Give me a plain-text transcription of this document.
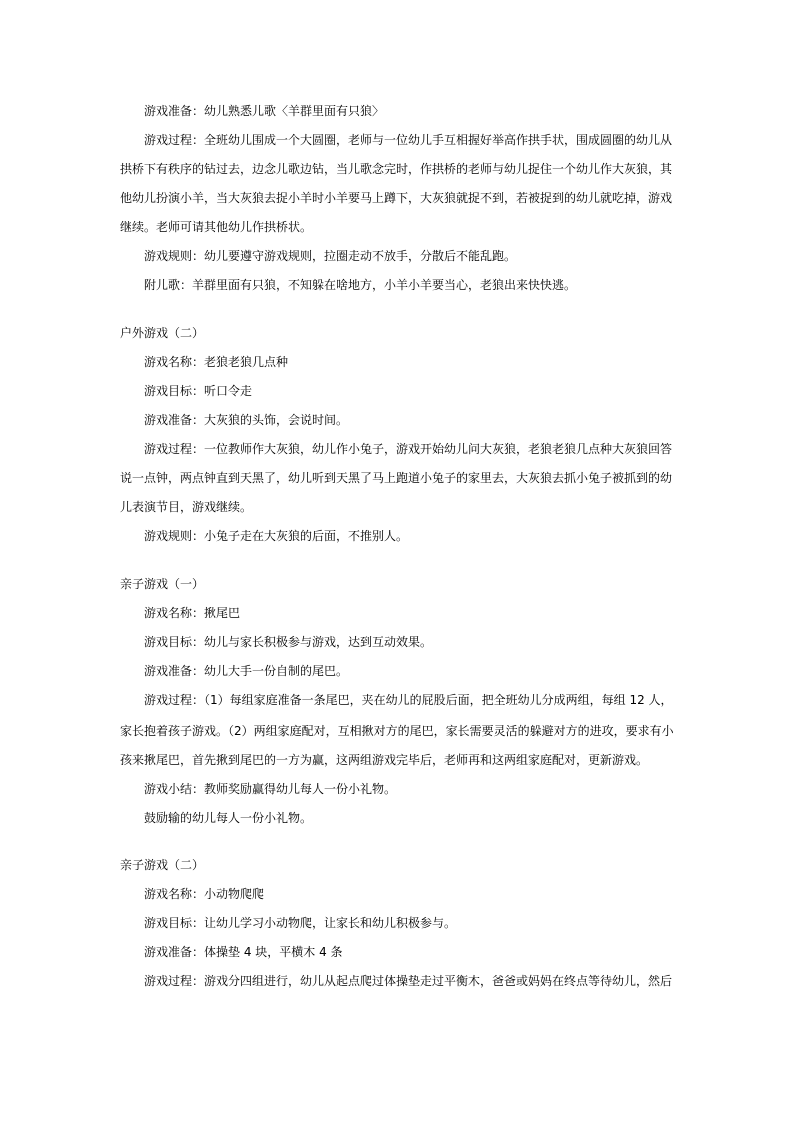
游戏准备：幼儿熟悉儿歌〈羊群里面有只狼〉
游戏过程：全班幼儿围成一个大圆圈，老师与一位幼儿手互相握好举高作拱手状，围成圆圈的幼儿从
拱桥下有秩序的钻过去，边念儿歌边钻，当儿歌念完时，作拱桥的老师与幼儿捉住一个幼儿作大灰狼，其
他幼儿扮演小羊，当大灰狼去捉小羊时小羊要马上蹲下，大灰狼就捉不到，若被捉到的幼儿就吃掉，游戏
继续。老师可请其他幼儿作拱桥状。
游戏规则：幼儿要遵守游戏规则，拉圈走动不放手，分散后不能乱跑。
附儿歌：羊群里面有只狼，不知躲在啥地方，小羊小羊要当心，老狼出来快快逃。
户外游戏（二）
游戏名称：老狼老狼几点种
游戏目标：听口令走
游戏准备：大灰狼的头饰，会说时间。
游戏过程：一位教师作大灰狼，幼儿作小兔子，游戏开始幼儿问大灰狼，老狼老狼几点种大灰狼回答
说一点钟，两点钟直到天黑了，幼儿听到天黑了马上跑道小兔子的家里去，大灰狼去抓小兔子被抓到的幼
儿表演节目，游戏继续。
游戏规则：小兔子走在大灰狼的后面，不推别人。
亲子游戏（一）
游戏名称：揪尾巴
游戏目标：幼儿与家长积极参与游戏，达到互动效果。
游戏准备：幼儿大手一份自制的尾巴。
游戏过程：（1）每组家庭准备一条尾巴，夹在幼儿的屁股后面，把全班幼儿分成两组，每组 12 人，
家长抱着孩子游戏。（2）两组家庭配对，互相揪对方的尾巴，家长需要灵活的躲避对方的进攻，要求有小
孩来揪尾巴，首先揪到尾巴的一方为赢，这两组游戏完毕后，老师再和这两组家庭配对，更新游戏。
游戏小结：教师奖励赢得幼儿每人一份小礼物。
鼓励输的幼儿每人一份小礼物。
亲子游戏（二）
游戏名称：小动物爬爬
游戏目标：让幼儿学习小动物爬，让家长和幼儿积极参与。
游戏准备：体操垫 4 块，平横木 4 条
游戏过程：游戏分四组进行，幼儿从起点爬过体操垫走过平衡木，爸爸或妈妈在终点等待幼儿，然后
